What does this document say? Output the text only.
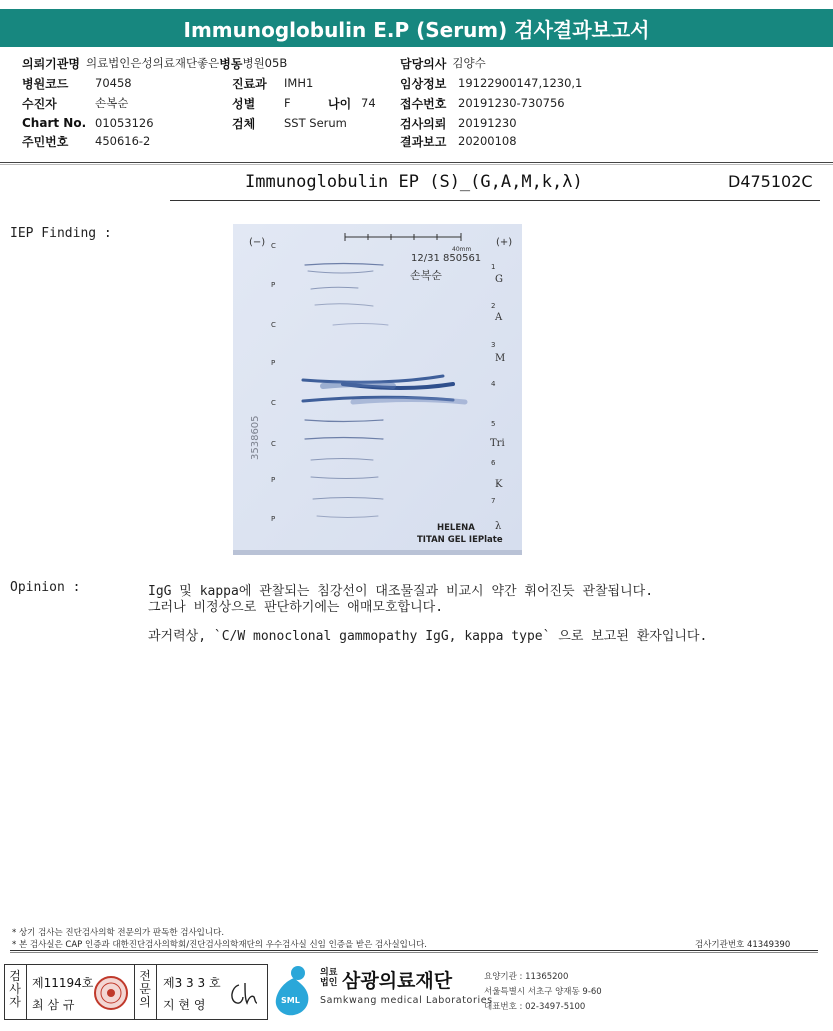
Immunoglobulin E.P (Serum) 검사결과보고서
의뢰기관명 의료법인은성의료재단좋은 병동 병원05B	담당의사 김양수
병원코드	70458	진료과	IMH1	임상정보	19122900147,1230,1
수진자	손복순	성별	F	나이 74 접수번호	20191230-730756
Chart No. 01053126	검체	SST Serum	검사의뢰	20191230
주민번호	450616-2	결과보고	20200108
Immunoglobulin EP (S)_(G,A,M,k,λ)	D475102C
IEP Finding :
(−)	(+)
40mm
12/31 850561
손복순
3538605
C
P
C
P
C
C
P
P
1
2
3
4
5
6
7
G
A
M
Tri
K
λ
HELENA
TITAN GEL IEPlate
Opinion :	IgG 및 kappa에 관찰되는 침강선이 대조물질과 비교시 약간 휘어진듯 관찰됩니다.
그러나 비정상으로 판단하기에는 애매모호합니다.
과거력상, `C/W monoclonal gammopathy IgG, kappa type` 으로 보고된 환자입니다.
* 상기 검사는 진단검사의학 전문의가 판독한 검사입니다.
* 본 검사실은 CAP 인증과 대한진단검사의학회/진단검사의학재단의 우수검사실 신임 인증을 받은 검사실입니다.	검사기관번호 41349390
검사자
제11194호
최 삼 규
전문의
제3 3 3 호
지 현 영	SML
의료
법인 삼광의료재단
Samkwang medical Laboratories
요양기관 : 11365200
서울특별시 서초구 양재동 9-60
대표번호 : 02-3497-5100
